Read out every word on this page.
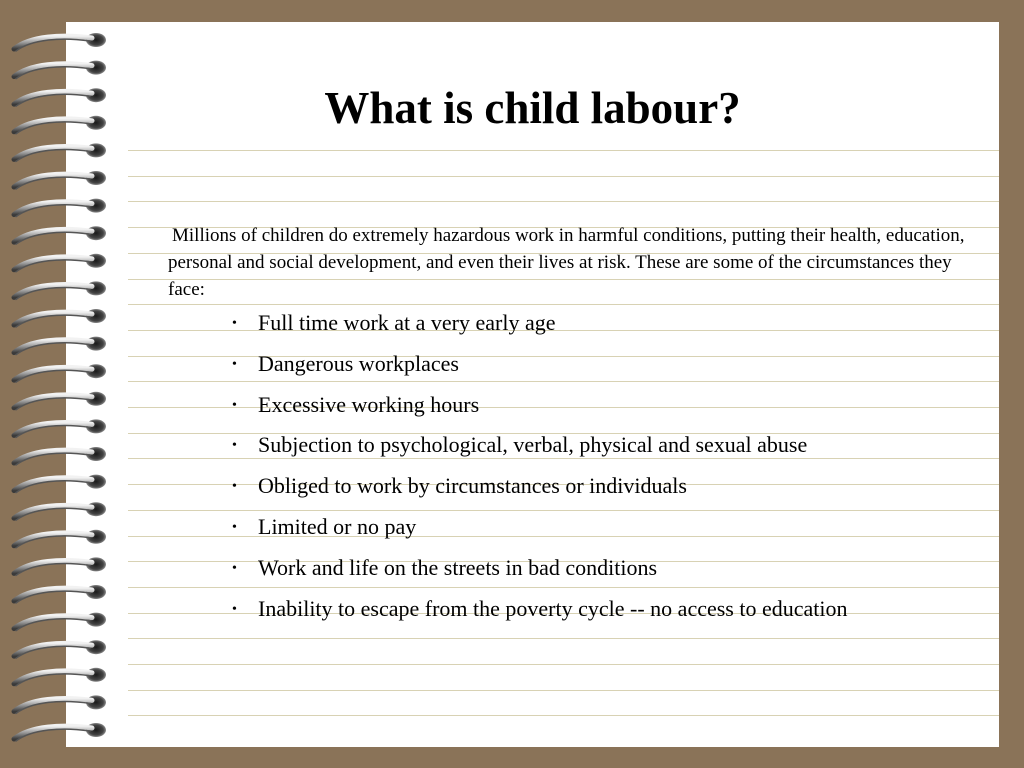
What is child labour?

Millions of children do extremely hazardous work in harmful conditions, putting their health, education, personal and social development, and even their lives at risk. These are some of the circumstances they face:

• Full time work at a very early age
• Dangerous workplaces
• Excessive working hours
• Subjection to psychological, verbal, physical and sexual abuse
• Obliged to work by circumstances or individuals
• Limited or no pay
• Work and life on the streets in bad conditions
• Inability to escape from the poverty cycle -- no access to education
